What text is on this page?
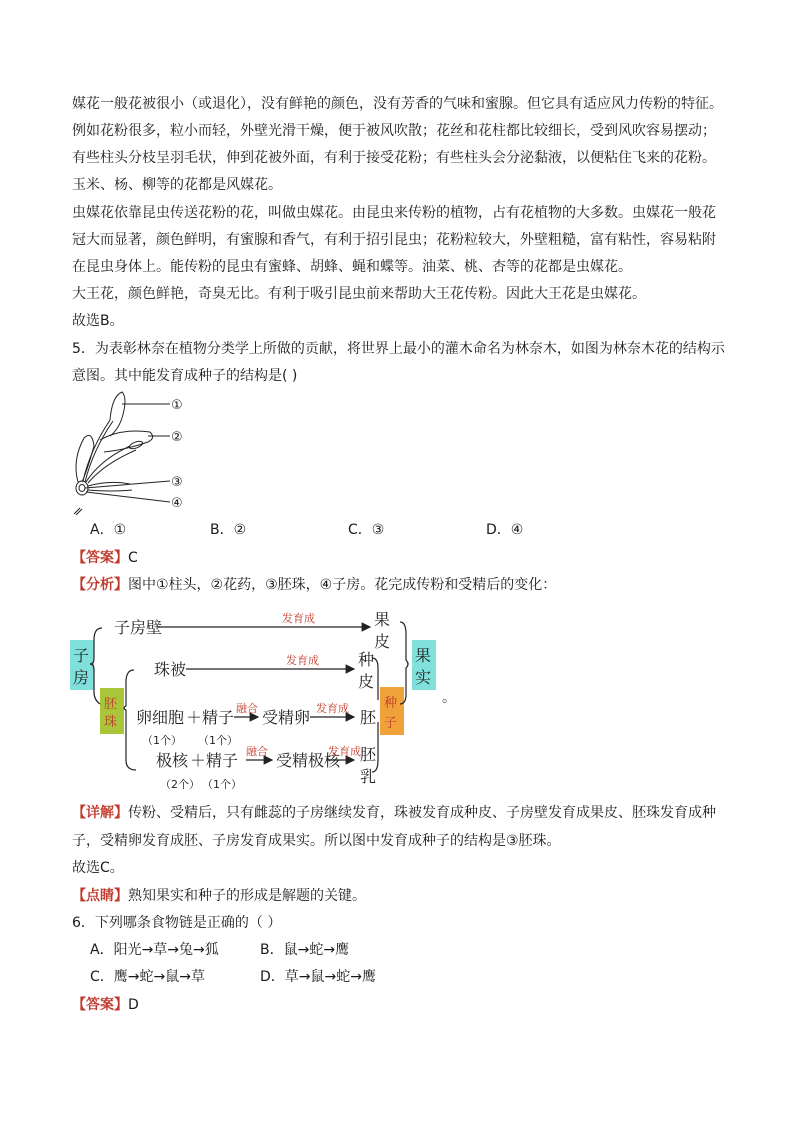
媒花一般花被很小（或退化），没有鲜艳的颜色，没有芳香的气味和蜜腺。但它具有适应风力传粉的特征。
例如花粉很多，粒小而轻，外壁光滑干燥，便于被风吹散；花丝和花柱都比较细长，受到风吹容易摆动；
有些柱头分枝呈羽毛状，伸到花被外面，有利于接受花粉；有些柱头会分泌黏液，以便粘住飞来的花粉。
玉米、杨、柳等的花都是风媒花。
虫媒花依靠昆虫传送花粉的花，叫做虫媒花。由昆虫来传粉的植物，占有花植物的大多数。虫媒花一般花
冠大而显著，颜色鲜明，有蜜腺和香气，有利于招引昆虫；花粉粒较大，外壁粗糙，富有粘性，容易粘附
在昆虫身体上。能传粉的昆虫有蜜蜂、胡蜂、蝇和蝶等。油菜、桃、杏等的花都是虫媒花。
大王花，颜色鲜艳，奇臭无比。有利于吸引昆虫前来帮助大王花传粉。因此大王花是虫媒花。
故选B。
5．为表彰林奈在植物分类学上所做的贡献，将世界上最小的灌木命名为林奈木，如图为林奈木花的结构示
意图。其中能发育成种子的结构是( )
①
②
③
④
A．①	B．②	C．③	D．④
【答案】C
【分析】图中①柱头，②花药，③胚珠，④子房。花完成传粉和受精后的变化：
子
房
胚
珠
种
子
果
实
子房壁	发育成	果
皮
珠被	发育成 种
皮
卵细胞 ＋ 精子 融合 受精卵 发育成 胚
（1个） （1个）
极核 ＋ 精子 融合 受精极核
发育成 胚
乳
（2个） （1个）
。
【详解】传粉、受精后，只有雌蕊的子房继续发育，珠被发育成种皮、子房壁发育成果皮、胚珠发育成种
子，受精卵发育成胚、子房发育成果实。所以图中发育成种子的结构是③胚珠。
故选C。
【点睛】熟知果实和种子的形成是解题的关键。
6．下列哪条食物链是正确的（ ）
A．阳光→草→兔→狐	B．鼠→蛇→鹰
C．鹰→蛇→鼠→草	D．草→鼠→蛇→鹰
【答案】D
